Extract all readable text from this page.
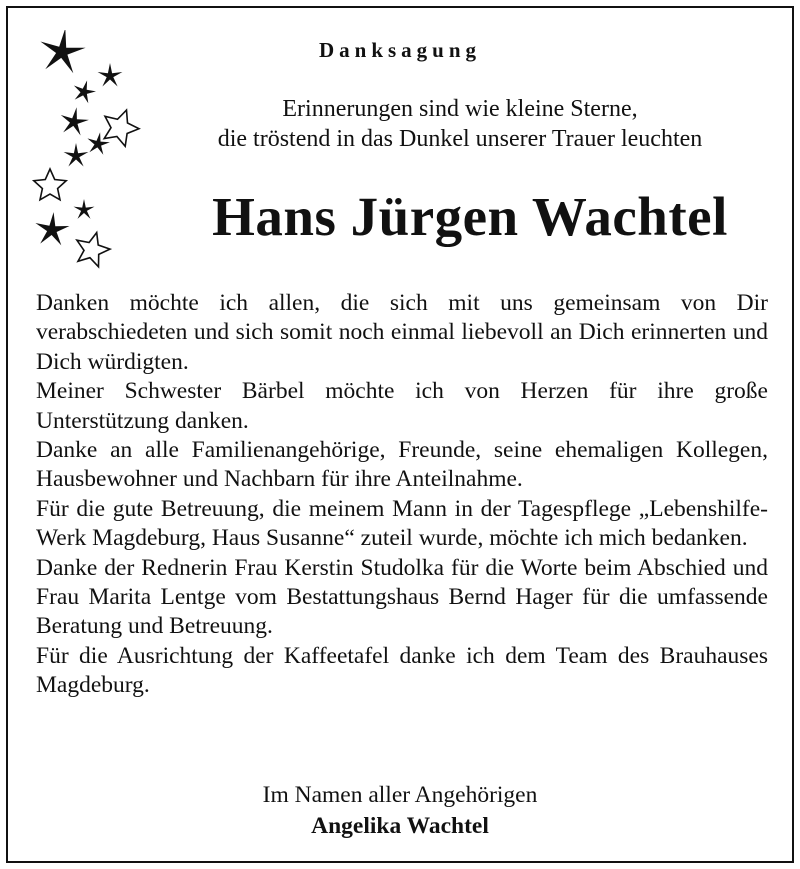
Danksagung
Erinnerungen sind wie kleine Sterne,
die tröstend in das Dunkel unserer Trauer leuchten
Hans Jürgen Wachtel

Danken möchte ich allen, die sich mit uns gemeinsam von Dir verabschiedeten und sich somit noch einmal liebevoll an Dich erinnerten und Dich würdigten.

Meiner Schwester Bärbel möchte ich von Herzen für ihre große Unterstützung danken.

Danke an alle Familienangehörige, Freunde, seine ehemaligen Kollegen, Hausbewohner und Nachbarn für ihre Anteilnahme.

Für die gute Betreuung, die meinem Mann in der Tagespflege „Lebenshilfe-Werk Magdeburg, Haus Susanne“ zuteil wurde, möchte ich mich bedanken.

Danke der Rednerin Frau Kerstin Studolka für die Worte beim Abschied und Frau Marita Lentge vom Bestattungshaus Bernd Hager für die umfassende Beratung und Betreuung.

Für die Ausrichtung der Kaffeetafel danke ich dem Team des Brauhauses Magdeburg.

Im Namen aller Angehörigen
Angelika Wachtel
